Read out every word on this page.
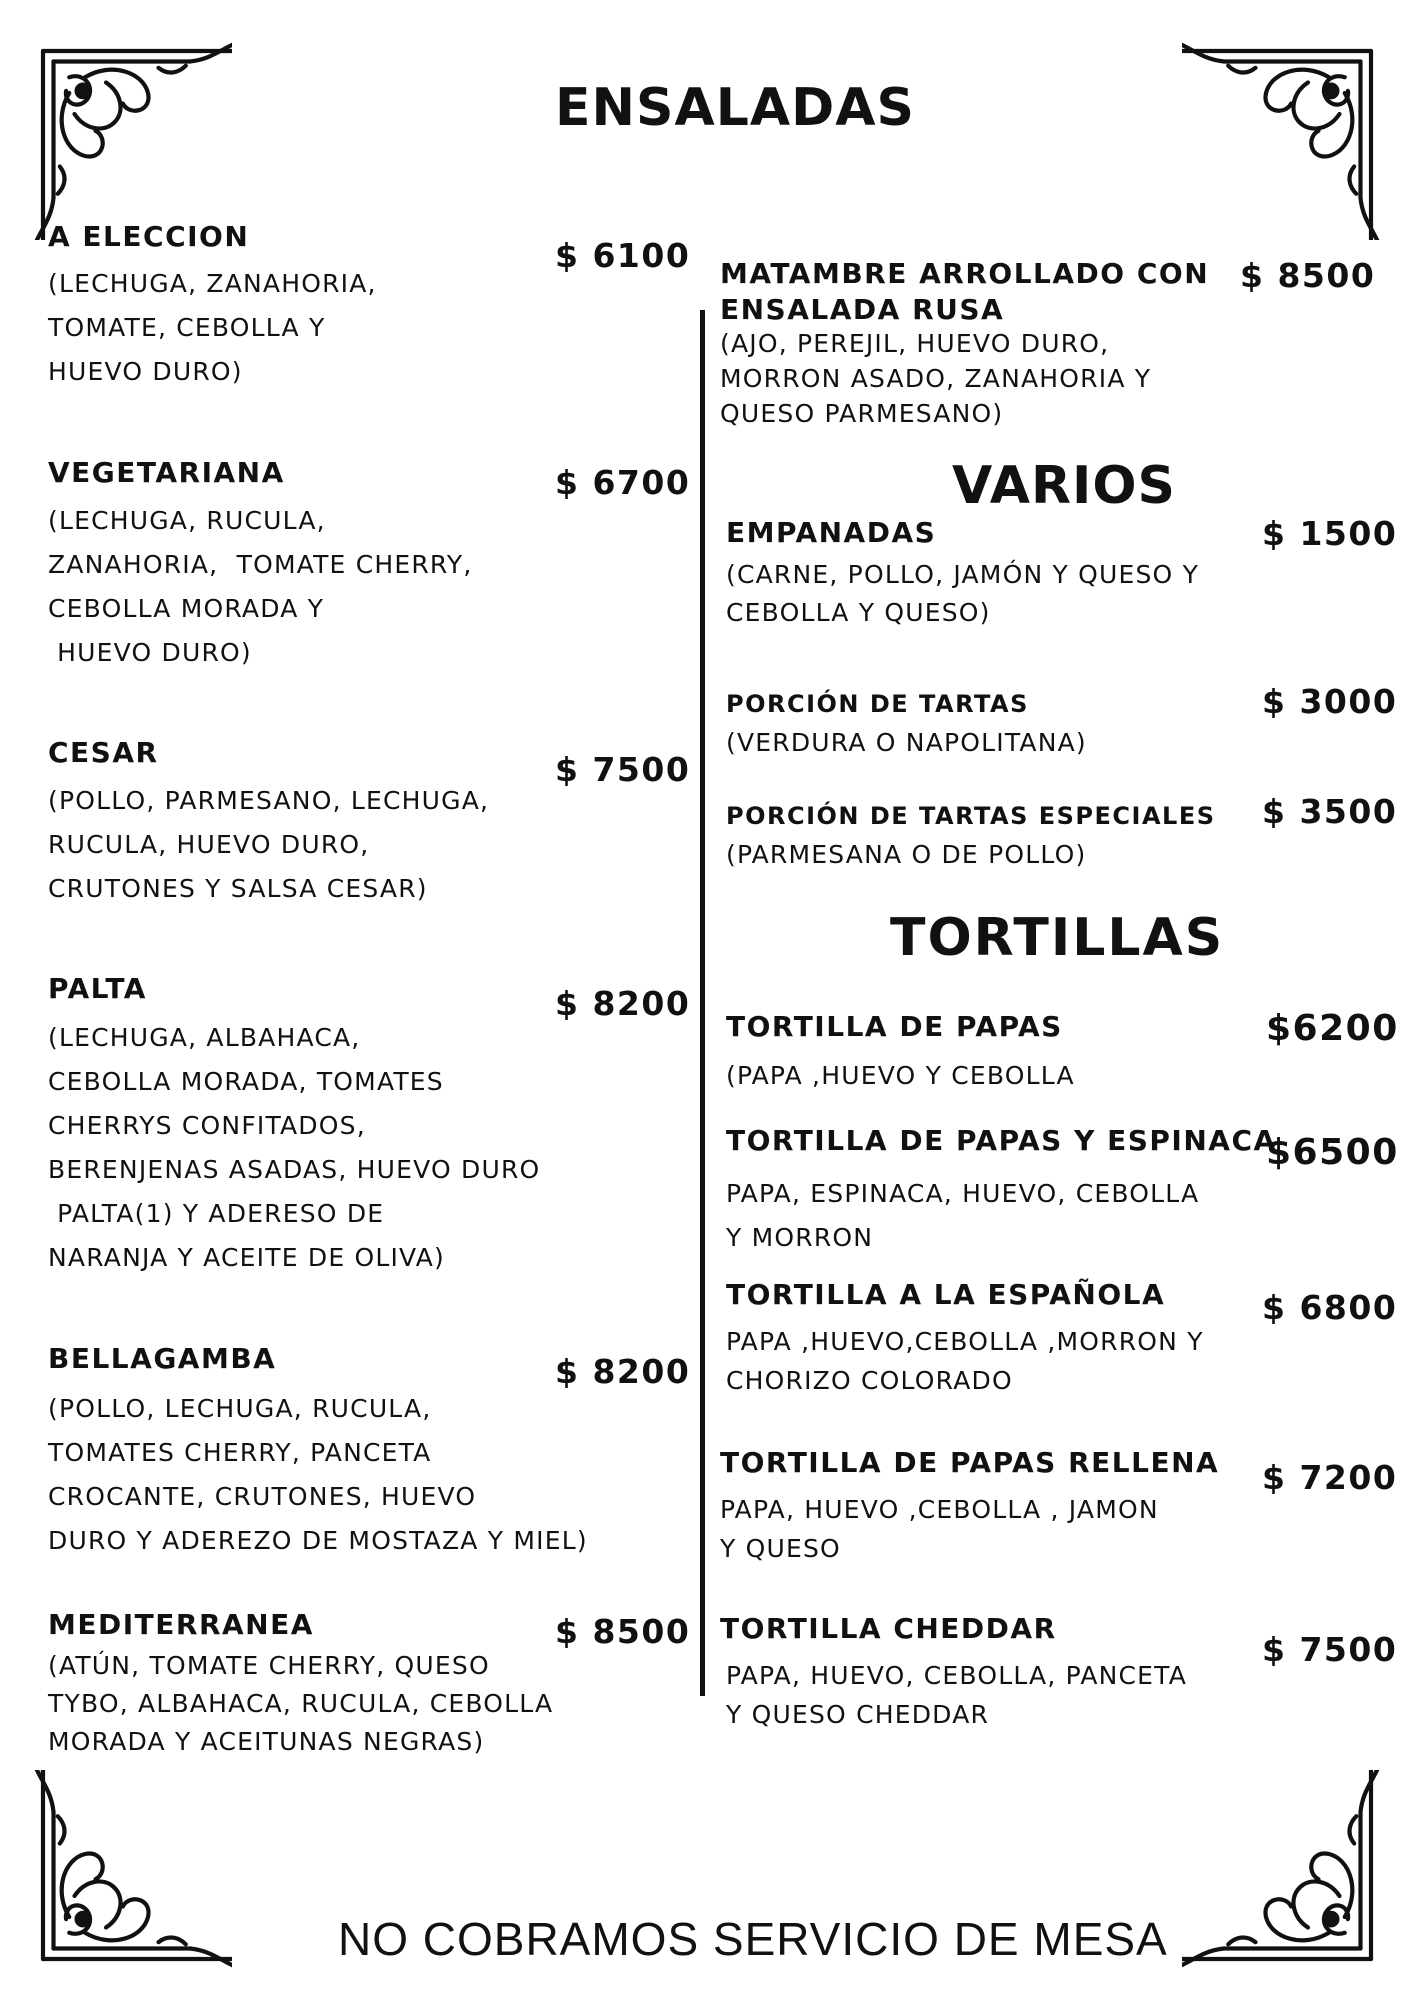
ENSALADAS
A ELECCION	$ 6100
(LECHUGA, ZANAHORIA,
TOMATE, CEBOLLA Y
HUEVO DURO)
VEGETARIANA	$ 6700
(LECHUGA, RUCULA,
ZANAHORIA,  TOMATE CHERRY,
CEBOLLA MORADA Y
HUEVO DURO)
CESAR	$ 7500
(POLLO, PARMESANO, LECHUGA,
RUCULA, HUEVO DURO,
CRUTONES Y SALSA CESAR)
PALTA	$ 8200
(LECHUGA, ALBAHACA,
CEBOLLA MORADA, TOMATES
CHERRYS CONFITADOS,
BERENJENAS ASADAS, HUEVO DURO
PALTA(1) Y ADERESO DE
NARANJA Y ACEITE DE OLIVA)
BELLAGAMBA	$ 8200
(POLLO, LECHUGA, RUCULA,
TOMATES CHERRY, PANCETA
CROCANTE, CRUTONES, HUEVO
DURO Y ADEREZO DE MOSTAZA Y MIEL)
MEDITERRANEA	$ 8500
(ATÚN, TOMATE CHERRY, QUESO
TYBO, ALBAHACA, RUCULA, CEBOLLA
MORADA Y ACEITUNAS NEGRAS)
MATAMBRE ARROLLADO CON
ENSALADA RUSA
$ 8500
(AJO, PEREJIL, HUEVO DURO,
MORRON ASADO, ZANAHORIA Y
QUESO PARMESANO)
VARIOS
EMPANADAS	$ 1500
(CARNE, POLLO, JAMÓN Y QUESO Y
CEBOLLA Y QUESO)
PORCIÓN DE TARTAS	$ 3000
(VERDURA O NAPOLITANA)
PORCIÓN DE TARTAS ESPECIALES $ 3500
(PARMESANA O DE POLLO)
TORTILLAS
TORTILLA DE PAPAS	$6200
(PAPA ,HUEVO Y CEBOLLA
TORTILLA DE PAPAS Y ESPINACA
$6500
PAPA, ESPINACA, HUEVO, CEBOLLA
Y MORRON
TORTILLA A LA ESPAÑOLA	$ 6800
PAPA ,HUEVO,CEBOLLA ,MORRON Y
CHORIZO COLORADO
TORTILLA DE PAPAS RELLENA $ 7200
PAPA, HUEVO ,CEBOLLA , JAMON
Y QUESO
TORTILLA CHEDDAR
$ 7500
PAPA, HUEVO, CEBOLLA, PANCETA
Y QUESO CHEDDAR
NO COBRAMOS SERVICIO DE MESA
